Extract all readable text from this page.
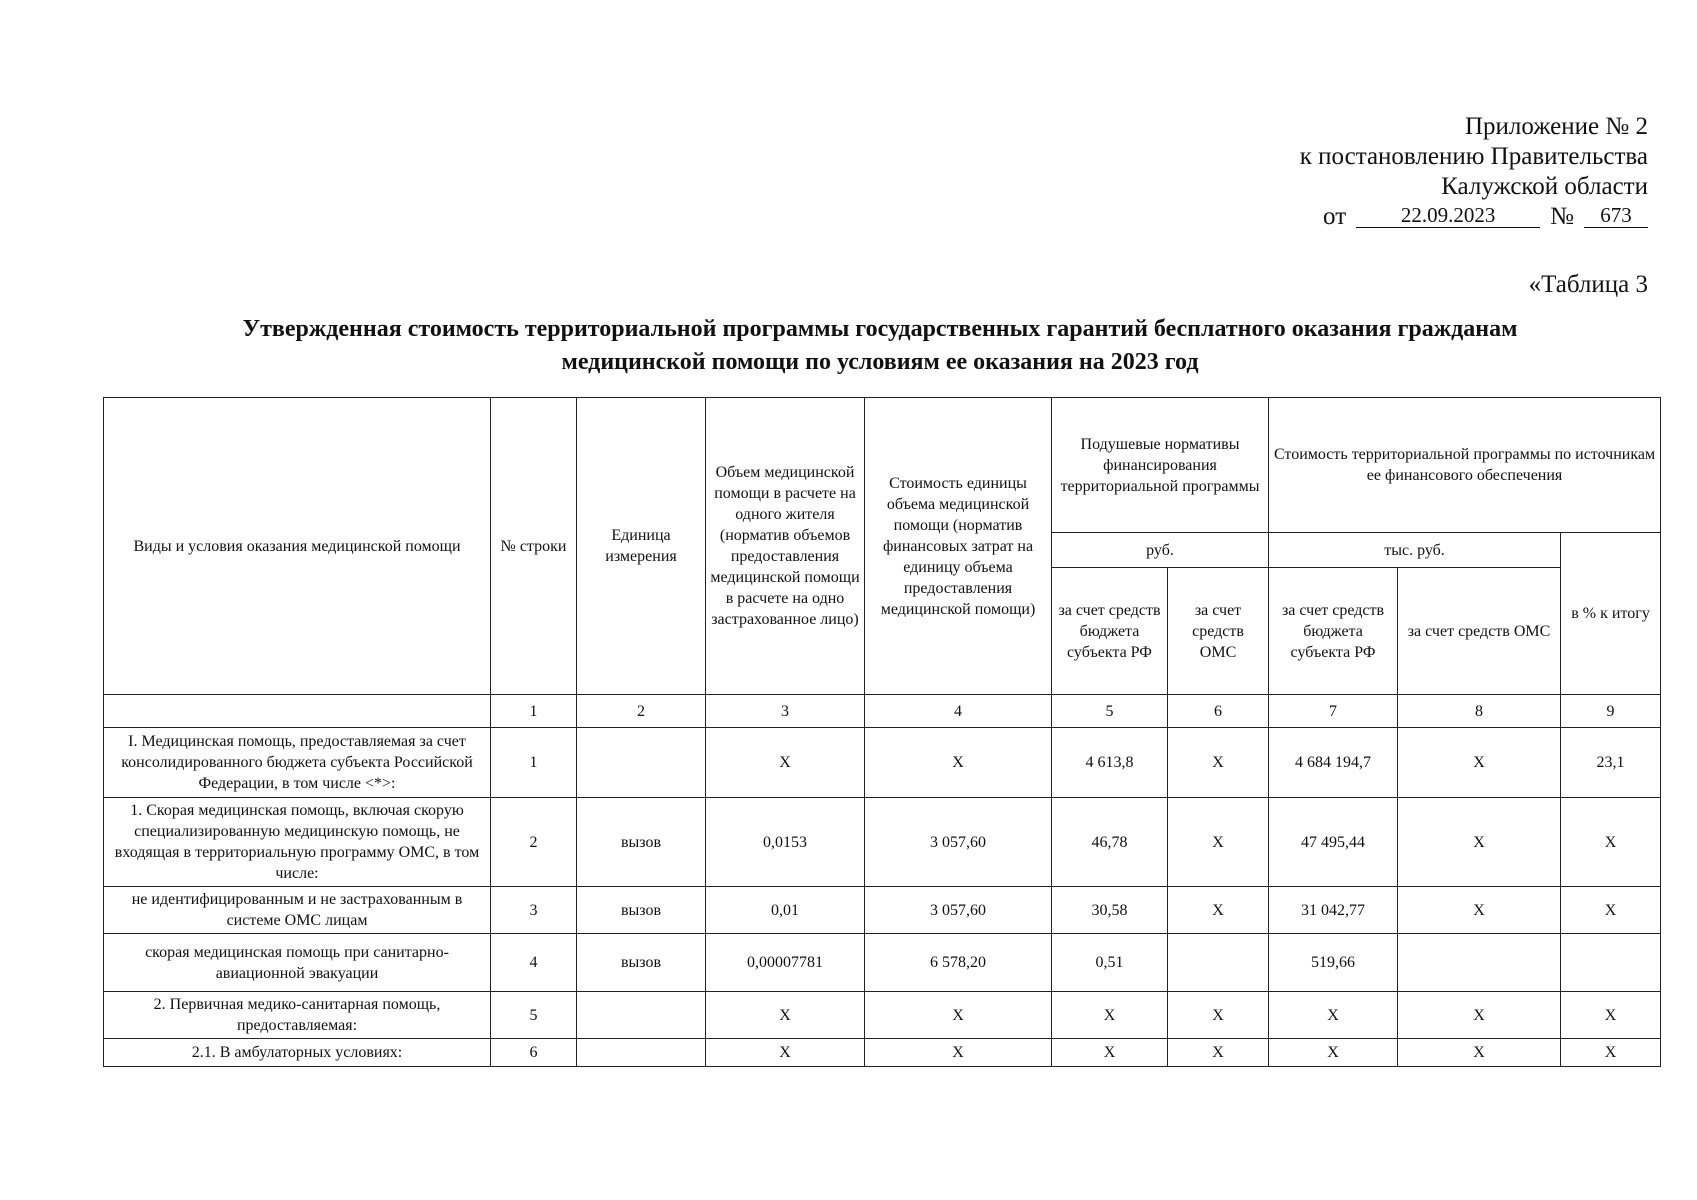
Приложение № 2
к постановлению Правительства
Калужской области
от	22.09.2023	№	673
«Таблица 3
Утвержденная стоимость территориальной программы государственных гарантий бесплатного оказания гражданам
медицинской помощи по условиям ее оказания на 2023 год
Виды и условия оказания медицинской помощи	№ строки	Единица измерения	Объем медицинской помощи в расчете на одного жителя (норматив объемов предоставления медицинской помощи в расчете на одно застрахованное лицо)	Стоимость единицы объема медицинской помощи (норматив финансовых затрат на единицу объема предоставления медицинской помощи)	Подушевые нормативы финансирования территориальной программы		Стоимость территориальной программы по источникам ее финансового обеспечения		
					руб.		тыс. руб.		в % к итогу
					за счет средств бюджета субъекта РФ	за счет средств ОМС	за счет средств бюджета субъекта РФ	за счет средств ОМС	
	1	2	3	4	5	6	7	8	9
I. Медицинская помощь, предоставляемая за счет консолидированного бюджета субъекта Российской Федерации, в том числе <*>:	1		X	X	4 613,8	X	4 684 194,7	X	23,1
1. Скорая медицинская помощь, включая скорую специализированную медицинскую помощь, не входящая в территориальную программу ОМС, в том числе:	2	вызов	0,0153	3 057,60	46,78	X	47 495,44	X	X
не идентифицированным и не застрахованным в системе ОМС лицам	3	вызов	0,01	3 057,60	30,58	X	31 042,77	X	X
скорая медицинская помощь при санитарно-авиационной эвакуации	4	вызов	0,00007781	6 578,20	0,51		519,66		
2. Первичная медико-санитарная помощь, предоставляемая:	5		X	X	X	X	X	X	X
2.1. В амбулаторных условиях:	6		X	X	X	X	X	X	X
